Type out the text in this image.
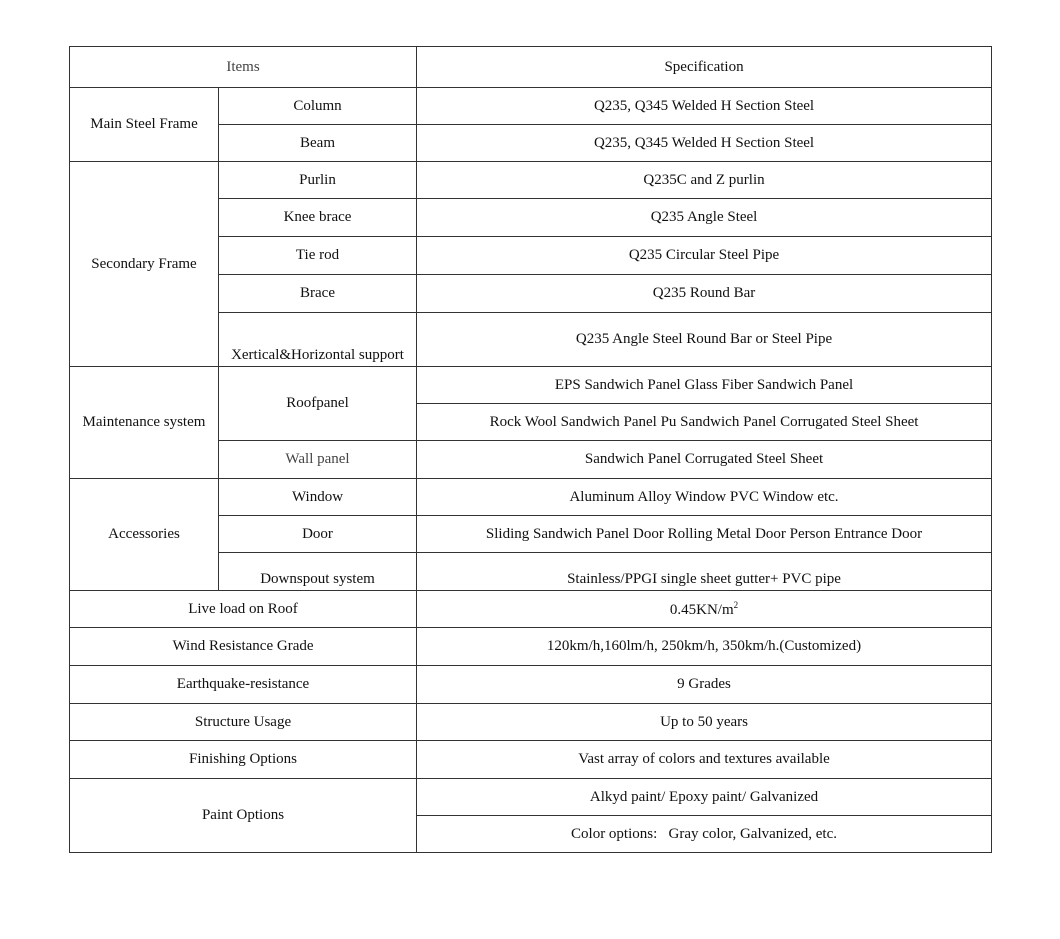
Items		Specification
Main Steel Frame	Column	Q235, Q345 Welded H Section Steel
	Beam	Q235, Q345 Welded H Section Steel
Secondary Frame	Purlin	Q235C and Z purlin
	Knee brace	Q235 Angle Steel
	Tie rod	Q235 Circular Steel Pipe
	Brace	Q235 Round Bar
	Xertical&Horizontal support	Q235 Angle Steel Round Bar or Steel Pipe
Maintenance system	Roofpanel	EPS Sandwich Panel Glass Fiber Sandwich Panel
		Rock Wool Sandwich Panel Pu Sandwich Panel Corrugated Steel Sheet
	Wall panel	Sandwich Panel Corrugated Steel Sheet
Accessories	Window	Aluminum Alloy Window PVC Window etc.
	Door	Sliding Sandwich Panel Door Rolling Metal Door Person Entrance Door
	Downspout system	Stainless/PPGI single sheet gutter+ PVC pipe
Live load on Roof		$0.45KN/m^2$
Wind Resistance Grade		120km/h,160lm/h, 250km/h, 350km/h.(Customized)
Earthquake-resistance		9 Grades
Structure Usage		Up to 50 years
Finishing Options		Vast array of colors and textures available
Paint Options		Alkyd paint/ Epoxy paint/ Galvanized
		Color options:   Gray color, Galvanized, etc.
